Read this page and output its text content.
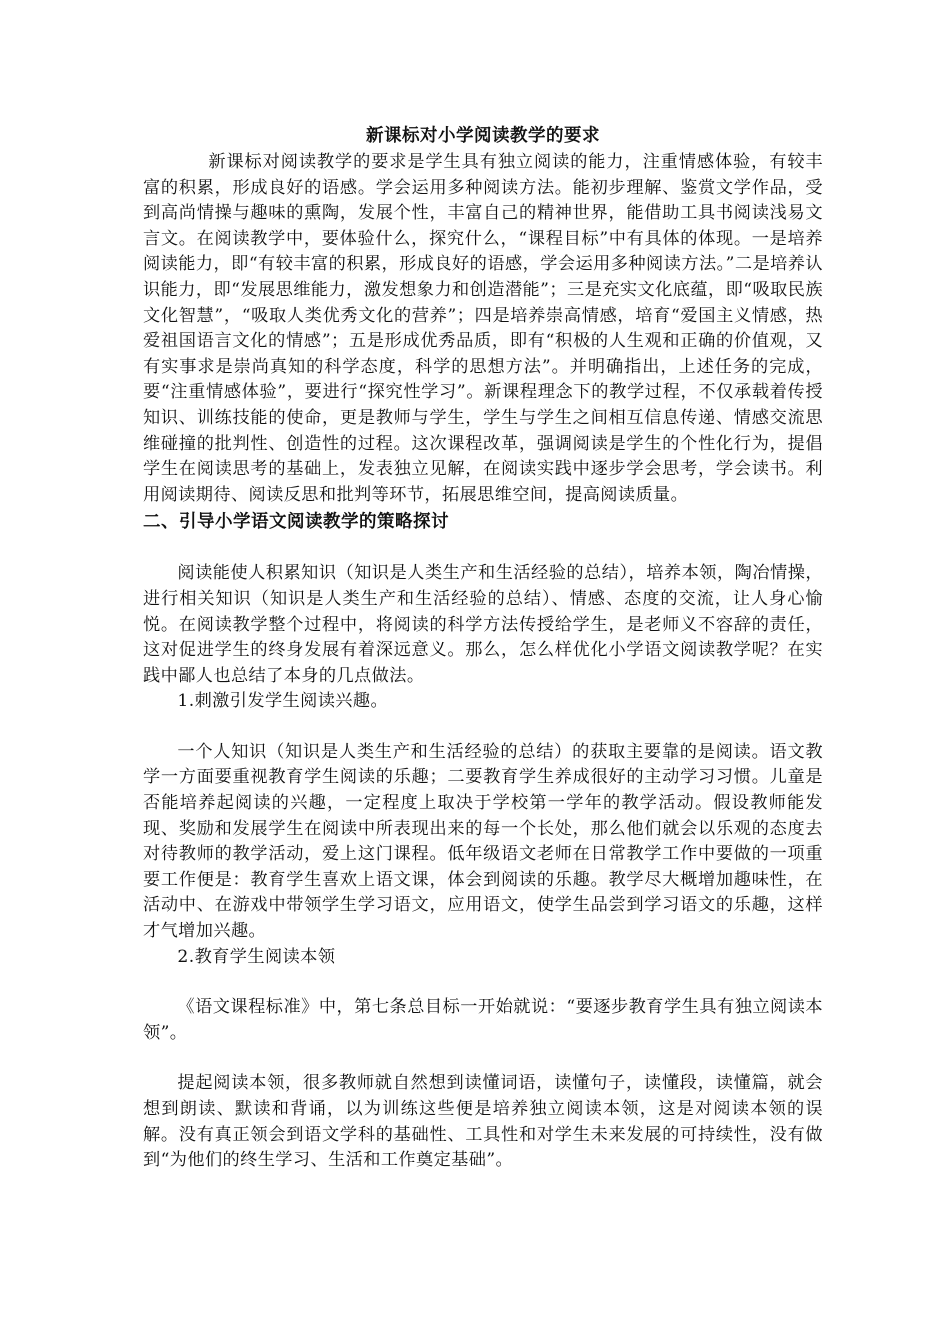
新课标对小学阅读教学的要求

新课标对阅读教学的要求是学生具有独立阅读的能力，注重情感体验，有较丰富的积累，形成良好的语感。学会运用多种阅读方法。能初步理解、鉴赏文学作品，受到高尚情操与趣味的熏陶，发展个性，丰富自己的精神世界，能借助工具书阅读浅易文言文。在阅读教学中，要体验什么，探究什么，“课程目标”中有具体的体现。一是培养阅读能力，即“有较丰富的积累，形成良好的语感，学会运用多种阅读方法。”二是培养认识能力，即“发展思维能力，激发想象力和创造潜能”；三是充实文化底蕴，即“吸取民族文化智慧”，“吸取人类优秀文化的营养”；四是培养崇高情感，培育“爱国主义情感，热爱祖国语言文化的情感”；五是形成优秀品质，即有“积极的人生观和正确的价值观，又有实事求是崇尚真知的科学态度，科学的思想方法”。并明确指出，上述任务的完成，要“注重情感体验”，要进行“探究性学习”。新课程理念下的教学过程，不仅承载着传授知识、训练技能的使命，更是教师与学生，学生与学生之间相互信息传递、情感交流思维碰撞的批判性、创造性的过程。这次课程改革，强调阅读是学生的个性化行为，提倡学生在阅读思考的基础上，发表独立见解，在阅读实践中逐步学会思考，学会读书。利用阅读期待、阅读反思和批判等环节，拓展思维空间，提高阅读质量。

二、引导小学语文阅读教学的策略探讨

阅读能使人积累知识（知识是人类生产和生活经验的总结），培养本领，陶冶情操，进行相关知识（知识是人类生产和生活经验的总结）、情感、态度的交流，让人身心愉悦。在阅读教学整个过程中，将阅读的科学方法传授给学生，是老师义不容辞的责任，这对促进学生的终身发展有着深远意义。那么，怎么样优化小学语文阅读教学呢？在实践中鄙人也总结了本身的几点做法。

1.刺激引发学生阅读兴趣。

一个人知识（知识是人类生产和生活经验的总结）的获取主要靠的是阅读。语文教学一方面要重视教育学生阅读的乐趣；二要教育学生养成很好的主动学习习惯。儿童是否能培养起阅读的兴趣，一定程度上取决于学校第一学年的教学活动。假设教师能发现、奖励和发展学生在阅读中所表现出来的每一个长处，那么他们就会以乐观的态度去对待教师的教学活动，爱上这门课程。低年级语文老师在日常教学工作中要做的一项重要工作便是：教育学生喜欢上语文课，体会到阅读的乐趣。教学尽大概增加趣味性，在活动中、在游戏中带领学生学习语文，应用语文，使学生品尝到学习语文的乐趣，这样才气增加兴趣。

2.教育学生阅读本领

《语文课程标准》中，第七条总目标一开始就说：“要逐步教育学生具有独立阅读本领”。

提起阅读本领，很多教师就自然想到读懂词语，读懂句子，读懂段，读懂篇，就会想到朗读、默读和背诵，以为训练这些便是培养独立阅读本领，这是对阅读本领的误解。没有真正领会到语文学科的基础性、工具性和对学生未来发展的可持续性，没有做到“为他们的终生学习、生活和工作奠定基础”。
